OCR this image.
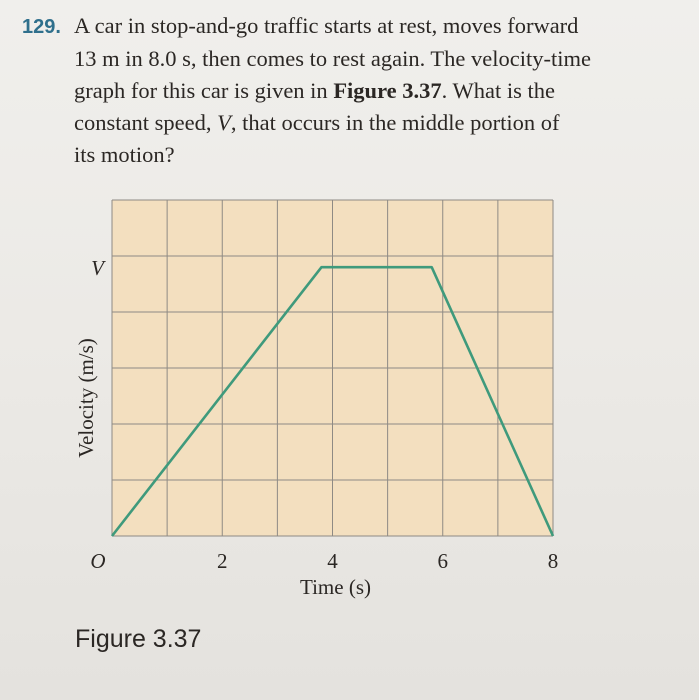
129. A car in stop-and-go traffic starts at rest, moves forward
13 m in 8.0 s, then comes to rest again. The velocity-time
graph for this car is given in Figure 3.37. What is the
constant speed, V, that occurs in the middle portion of
its motion?
2	4	6	8
O
V
Time (s)
Velocity (m/s)
Figure 3.37
